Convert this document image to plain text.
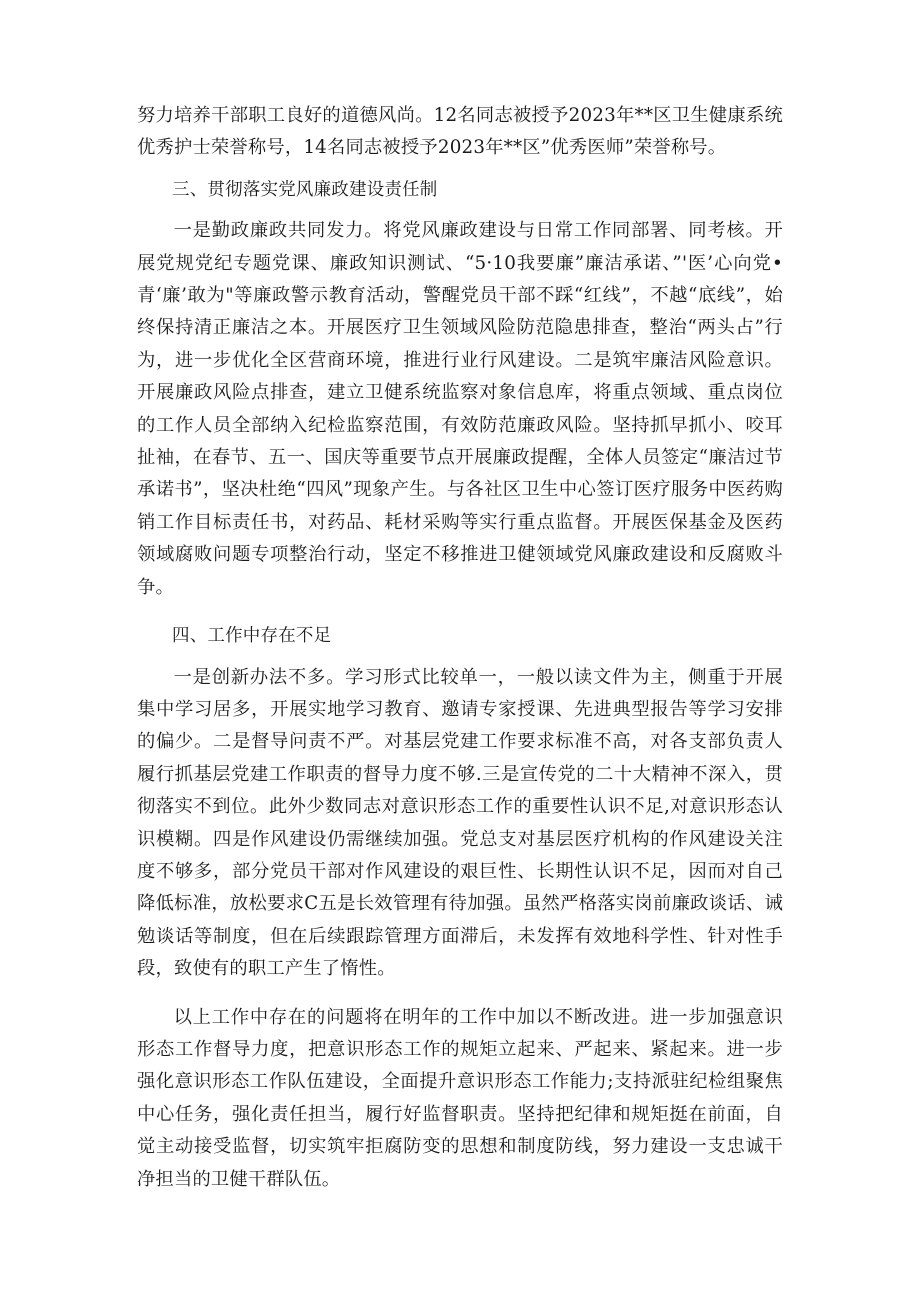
努力培养干部职工良好的道德风尚。12名同志被授予2023年**区卫生健康系统优秀护士荣誉称号，14名同志被授予2023年**区”优秀医师”荣誉称号。

三、贯彻落实党风廉政建设责任制

一是勤政廉政共同发力。将党风廉政建设与日常工作同部署、同考核。开展党规党纪专题党课、廉政知识测试、“5·10我要廉”廉洁承诺、”'医’心向党•青‘廉’敢为"等廉政警示教育活动，警醒党员干部不踩“红线”，不越“底线”，始终保持清正廉洁之本。开展医疗卫生领域风险防范隐患排查，整治“两头占”行为，进一步优化全区营商环境，推进行业行风建设。二是筑牢廉洁风险意识。开展廉政风险点排查，建立卫健系统监察对象信息库，将重点领域、重点岗位的工作人员全部纳入纪检监察范围，有效防范廉政风险。坚持抓早抓小、咬耳扯袖，在春节、五一、国庆等重要节点开展廉政提醒，全体人员签定“廉洁过节承诺书”，坚决杜绝“四风”现象产生。与各社区卫生中心签订医疗服务中医药购销工作目标责任书，对药品、耗材采购等实行重点监督。开展医保基金及医药领域腐败问题专项整治行动，坚定不移推进卫健领域党风廉政建设和反腐败斗争。

四、工作中存在不足

一是创新办法不多。学习形式比较单一，一般以读文件为主，侧重于开展集中学习居多，开展实地学习教育、邀请专家授课、先进典型报告等学习安排的偏少。二是督导问责不严。对基层党建工作要求标准不高，对各支部负责人履行抓基层党建工作职责的督导力度不够.三是宣传党的二十大精神不深入，贯彻落实不到位。此外少数同志对意识形态工作的重要性认识不足,对意识形态认识模糊。四是作风建设仍需继续加强。党总支对基层医疗机构的作风建设关注度不够多，部分党员干部对作风建设的艰巨性、长期性认识不足，因而对自己降低标准，放松要求C五是长效管理有待加强。虽然严格落实岗前廉政谈话、诫勉谈话等制度，但在后续跟踪管理方面滞后，未发挥有效地科学性、针对性手段，致使有的职工产生了惰性。

以上工作中存在的问题将在明年的工作中加以不断改进。进一步加强意识形态工作督导力度，把意识形态工作的规矩立起来、严起来、紧起来。进一步强化意识形态工作队伍建设，全面提升意识形态工作能力;支持派驻纪检组聚焦中心任务，强化责任担当，履行好监督职责。坚持把纪律和规矩挺在前面，自觉主动接受监督，切实筑牢拒腐防变的思想和制度防线，努力建设一支忠诚干净担当的卫健干群队伍。
